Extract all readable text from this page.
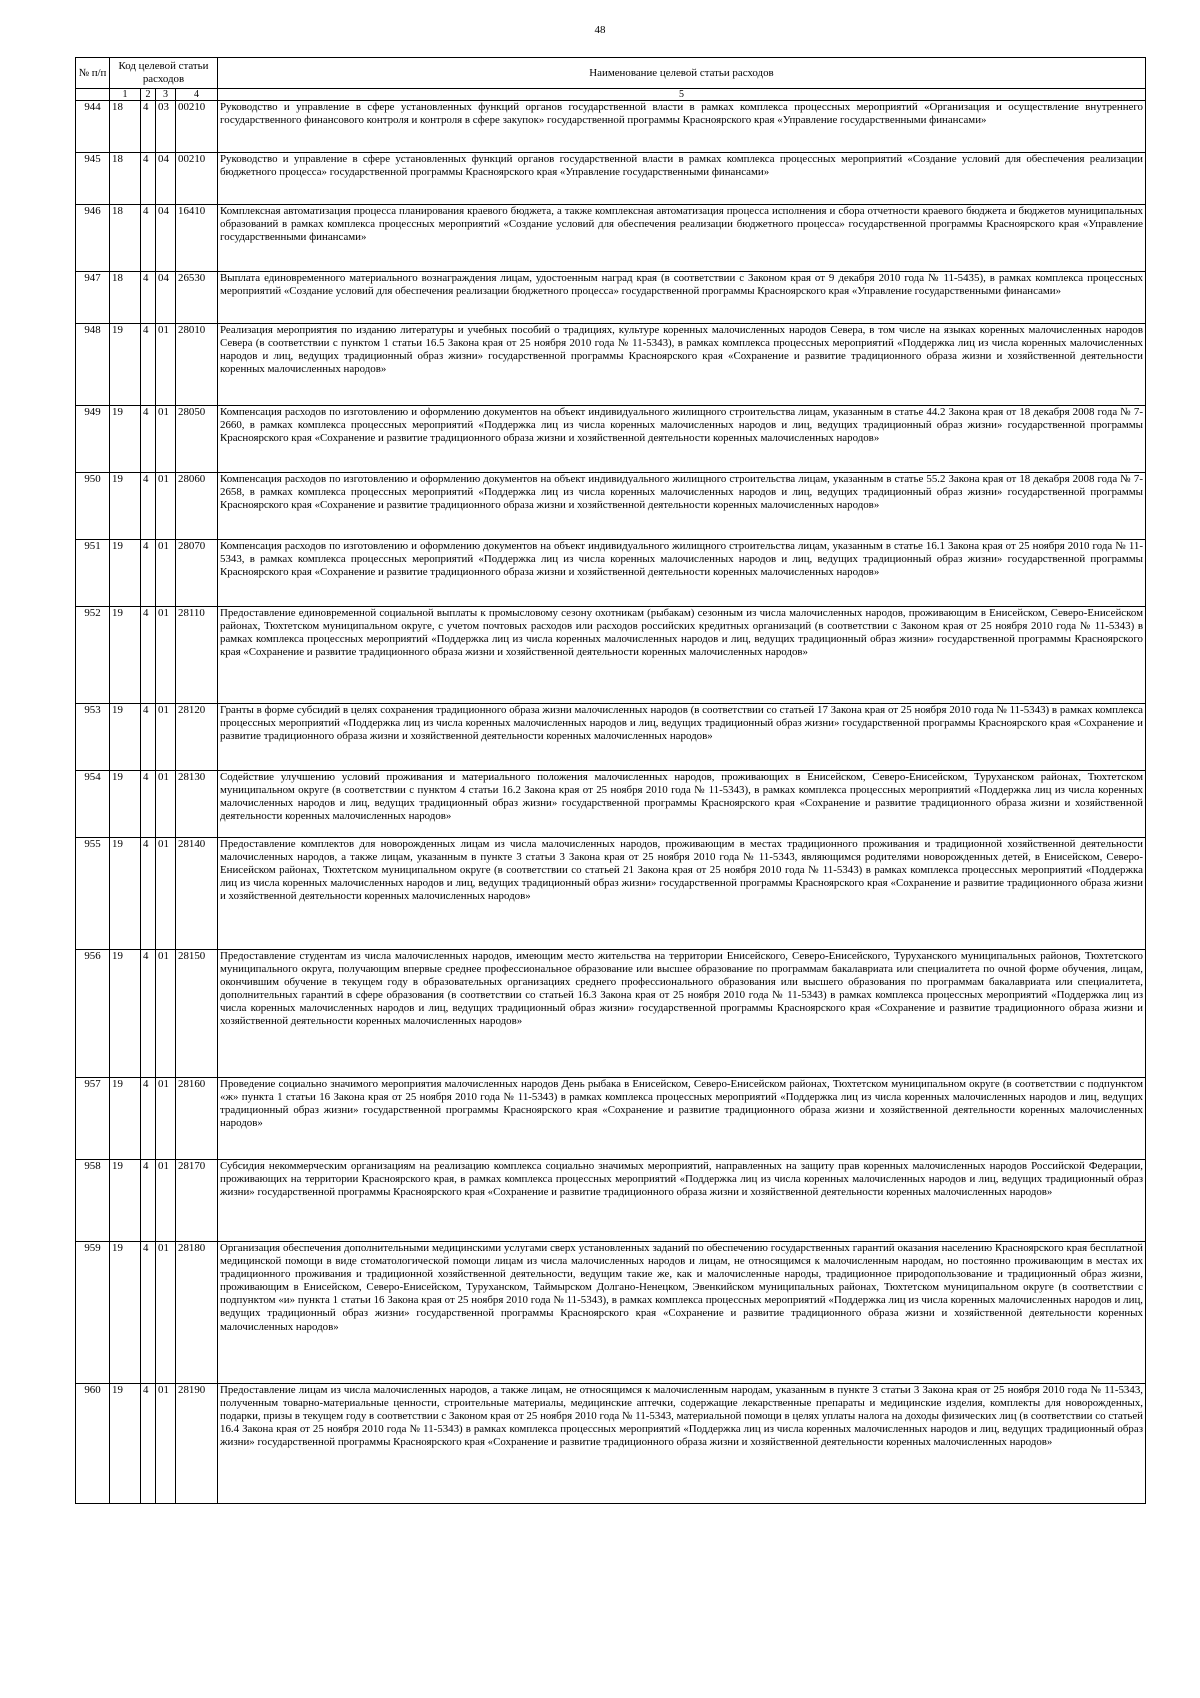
48
№ п/п	Код целевой статьи расходов				Наименование целевой статьи расходов
	1	2	3	4	5
944	18	4	03	00210	Руководство и управление в сфере установленных функций органов государственной власти в рамках комплекса процессных мероприятий «Организация и осуществление внутреннего государственного финансового контроля и контроля в сфере закупок» государственной программы Красноярского края «Управление государственными финансами»
945	18	4	04	00210	Руководство и управление в сфере установленных функций органов государственной власти в рамках комплекса процессных мероприятий «Создание условий для обеспечения реализации бюджетного процесса» государственной программы Красноярского края «Управление государственными финансами»
946	18	4	04	16410	Комплексная автоматизация процесса планирования краевого бюджета, а также комплексная автоматизация процесса исполнения и сбора отчетности краевого бюджета и бюджетов муниципальных образований в рамках комплекса процессных мероприятий «Создание условий для обеспечения реализации бюджетного процесса» государственной программы Красноярского края «Управление государственными финансами»
947	18	4	04	26530	Выплата единовременного материального вознаграждения лицам, удостоенным наград края (в соответствии с Законом края от 9 декабря 2010 года № 11-5435), в рамках комплекса процессных мероприятий «Создание условий для обеспечения реализации бюджетного процесса» государственной программы Красноярского края «Управление государственными финансами»
948	19	4	01	28010	Реализация мероприятия по изданию литературы и учебных пособий о традициях, культуре коренных малочисленных народов Севера, в том числе на языках коренных малочисленных народов Севера (в соответствии с пунктом 1 статьи 16.5 Закона края от 25 ноября 2010 года № 11-5343), в рамках комплекса процессных мероприятий «Поддержка лиц из числа коренных малочисленных народов и лиц, ведущих традиционный образ жизни» государственной программы Красноярского края «Сохранение и развитие традиционного образа жизни и хозяйственной деятельности коренных малочисленных народов»
949	19	4	01	28050	Компенсация расходов по изготовлению и оформлению документов на объект индивидуального жилищного строительства лицам, указанным в статье 44.2 Закона края от 18 декабря 2008 года № 7-2660, в рамках комплекса процессных мероприятий «Поддержка лиц из числа коренных малочисленных народов и лиц, ведущих традиционный образ жизни» государственной программы Красноярского края «Сохранение и развитие традиционного образа жизни и хозяйственной деятельности коренных малочисленных народов»
950	19	4	01	28060	Компенсация расходов по изготовлению и оформлению документов на объект индивидуального жилищного строительства лицам, указанным в статье 55.2 Закона края от 18 декабря 2008 года № 7-2658, в рамках комплекса процессных мероприятий «Поддержка лиц из числа коренных малочисленных народов и лиц, ведущих традиционный образ жизни» государственной программы Красноярского края «Сохранение и развитие традиционного образа жизни и хозяйственной деятельности коренных малочисленных народов»
951	19	4	01	28070	Компенсация расходов по изготовлению и оформлению документов на объект индивидуального жилищного строительства лицам, указанным в статье 16.1 Закона края от 25 ноября 2010 года № 11-5343, в рамках комплекса процессных мероприятий «Поддержка лиц из числа коренных малочисленных народов и лиц, ведущих традиционный образ жизни» государственной программы Красноярского края «Сохранение и развитие традиционного образа жизни и хозяйственной деятельности коренных малочисленных народов»
952	19	4	01	28110	Предоставление единовременной социальной выплаты к промысловому сезону охотникам (рыбакам) сезонным из числа малочисленных народов, проживающим в Енисейском, Северо-Енисейском районах, Тюхтетском муниципальном округе, с учетом почтовых расходов или расходов российских кредитных организаций (в соответствии с Законом края от 25 ноября 2010 года № 11-5343) в рамках комплекса процессных мероприятий «Поддержка лиц из числа коренных малочисленных народов и лиц, ведущих традиционный образ жизни» государственной программы Красноярского края «Сохранение и развитие традиционного образа жизни и хозяйственной деятельности коренных малочисленных народов»
953	19	4	01	28120	Гранты в форме субсидий в целях сохранения традиционного образа жизни малочисленных народов (в соответствии со статьей 17 Закона края от 25 ноября 2010 года № 11-5343) в рамках комплекса процессных мероприятий «Поддержка лиц из числа коренных малочисленных народов и лиц, ведущих традиционный образ жизни» государственной программы Красноярского края «Сохранение и развитие традиционного образа жизни и хозяйственной деятельности коренных малочисленных народов»
954	19	4	01	28130	Содействие улучшению условий проживания и материального положения малочисленных народов, проживающих в Енисейском, Северо-Енисейском, Туруханском районах, Тюхтетском муниципальном округе (в соответствии с пунктом 4 статьи 16.2 Закона края от 25 ноября 2010 года № 11-5343), в рамках комплекса процессных мероприятий «Поддержка лиц из числа коренных малочисленных народов и лиц, ведущих традиционный образ жизни» государственной программы Красноярского края «Сохранение и развитие традиционного образа жизни и хозяйственной деятельности коренных малочисленных народов»
955	19	4	01	28140	Предоставление комплектов для новорожденных лицам из числа малочисленных народов, проживающим в местах традиционного проживания и традиционной хозяйственной деятельности малочисленных народов, а также лицам, указанным в пункте 3 статьи 3 Закона края от 25 ноября 2010 года № 11-5343, являющимся родителями новорожденных детей, в Енисейском, Северо-Енисейском районах, Тюхтетском муниципальном округе (в соответствии со статьей 21 Закона края от 25 ноября 2010 года № 11-5343) в рамках комплекса процессных мероприятий «Поддержка лиц из числа коренных малочисленных народов и лиц, ведущих традиционный образ жизни» государственной программы Красноярского края «Сохранение и развитие традиционного образа жизни и хозяйственной деятельности коренных малочисленных народов»
956	19	4	01	28150	Предоставление студентам из числа малочисленных народов, имеющим место жительства на территории Енисейского, Северо-Енисейского, Туруханского муниципальных районов, Тюхтетского муниципального округа, получающим впервые среднее профессиональное образование или высшее образование по программам бакалавриата или специалитета по очной форме обучения, лицам, окончившим обучение в текущем году в образовательных организациях среднего профессионального образования или высшего образования по программам бакалавриата или специалитета, дополнительных гарантий в сфере образования (в соответствии со статьей 16.3 Закона края от 25 ноября 2010 года № 11-5343) в рамках комплекса процессных мероприятий «Поддержка лиц из числа коренных малочисленных народов и лиц, ведущих традиционный образ жизни» государственной программы Красноярского края «Сохранение и развитие традиционного образа жизни и хозяйственной деятельности коренных малочисленных народов»
957	19	4	01	28160	Проведение социально значимого мероприятия малочисленных народов День рыбака в Енисейском, Северо-Енисейском районах, Тюхтетском муниципальном округе (в соответствии с подпунктом «ж» пункта 1 статьи 16 Закона края от 25 ноября 2010 года № 11-5343) в рамках комплекса процессных мероприятий «Поддержка лиц из числа коренных малочисленных народов и лиц, ведущих традиционный образ жизни» государственной программы Красноярского края «Сохранение и развитие традиционного образа жизни и хозяйственной деятельности коренных малочисленных народов»
958	19	4	01	28170	Субсидия некоммерческим организациям на реализацию комплекса социально значимых мероприятий, направленных на защиту прав коренных малочисленных народов Российской Федерации, проживающих на территории Красноярского края, в рамках комплекса процессных мероприятий «Поддержка лиц из числа коренных малочисленных народов и лиц, ведущих традиционный образ жизни» государственной программы Красноярского края «Сохранение и развитие традиционного образа жизни и хозяйственной деятельности коренных малочисленных народов»
959	19	4	01	28180	Организация обеспечения дополнительными медицинскими услугами сверх установленных заданий по обеспечению государственных гарантий оказания населению Красноярского края бесплатной медицинской помощи в виде стоматологической помощи лицам из числа малочисленных народов и лицам, не относящимся к малочисленным народам, но постоянно проживающим в местах их традиционного проживания и традиционной хозяйственной деятельности, ведущим такие же, как и малочисленные народы, традиционное природопользование и традиционный образ жизни, проживающим в Енисейском, Северо-Енисейском, Туруханском, Таймырском Долгано-Ненецком, Эвенкийском муниципальных районах, Тюхтетском муниципальном округе (в соответствии с подпунктом «и» пункта 1 статьи 16 Закона края от 25 ноября 2010 года № 11-5343), в рамках комплекса процессных мероприятий «Поддержка лиц из числа коренных малочисленных народов и лиц, ведущих традиционный образ жизни» государственной программы Красноярского края «Сохранение и развитие традиционного образа жизни и хозяйственной деятельности коренных малочисленных народов»
960	19	4	01	28190	Предоставление лицам из числа малочисленных народов, а также лицам, не относящимся к малочисленным народам, указанным в пункте 3 статьи 3 Закона края от 25 ноября 2010 года № 11-5343, полученным товарно-материальные ценности, строительные материалы, медицинские аптечки, содержащие лекарственные препараты и медицинские изделия, комплекты для новорожденных, подарки, призы в текущем году в соответствии с Законом края от 25 ноября 2010 года № 11-5343, материальной помощи в целях уплаты налога на доходы физических лиц (в соответствии со статьей 16.4 Закона края от 25 ноября 2010 года № 11-5343) в рамках комплекса процессных мероприятий «Поддержка лиц из числа коренных малочисленных народов и лиц, ведущих традиционный образ жизни» государственной программы Красноярского края «Сохранение и развитие традиционного образа жизни и хозяйственной деятельности коренных малочисленных народов»
